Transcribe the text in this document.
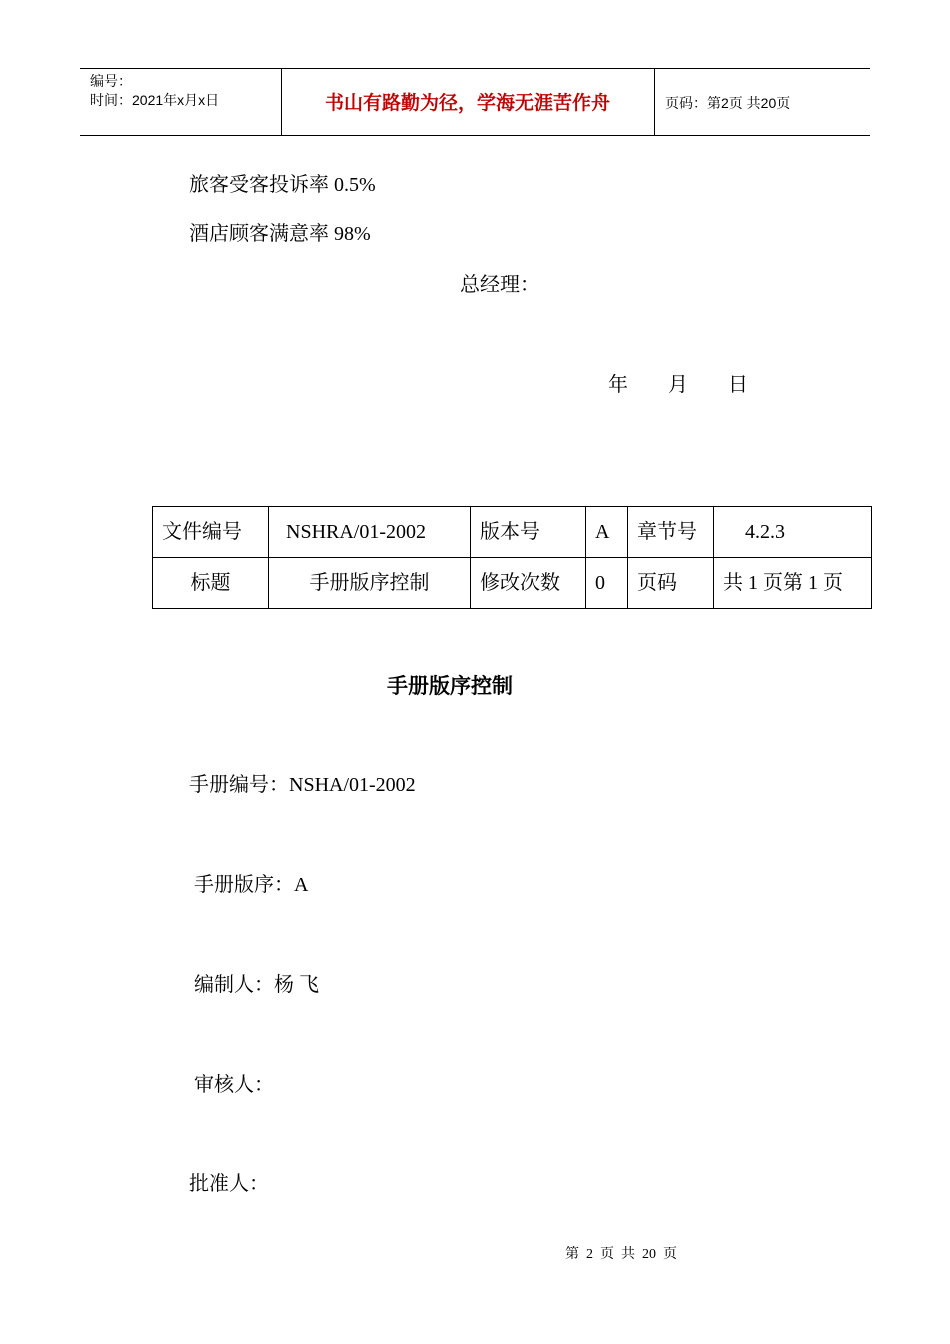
编号：
时间：2021年x月x日	书山有路勤为径，学海无涯苦作舟	页码：第2页 共20页
旅客受客投诉率 0.5%
酒店顾客满意率 98%
总经理：
年　　月　　日
文件编号	NSHRA/01-2002	版本号	A	章节号	4.2.3
标题	手册版序控制	修改次数	0	页码	共 1 页第 1 页
手册版序控制
手册编号：NSHA/01-2002
手册版序：A
编制人：杨 飞
审核人：
批准人：
第  2  页  共  20  页
